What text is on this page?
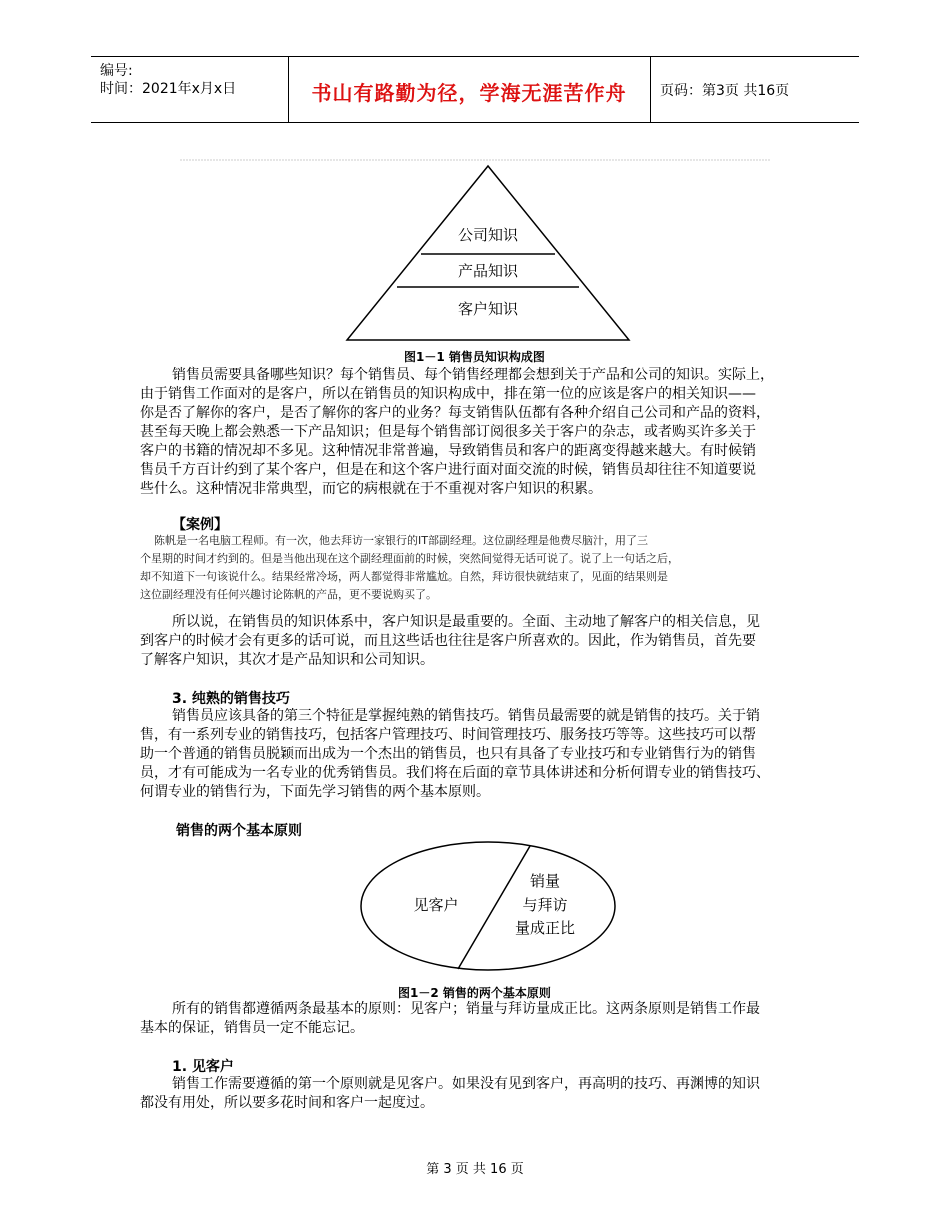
编号:
时间：2021年x月x日	书山有路勤为径，学海无涯苦作舟	页码：第3页 共16页
公司知识
产品知识
客户知识
图1－1 销售员知识构成图
销售员需要具备哪些知识？每个销售员、每个销售经理都会想到关于产品和公司的知识。实际上，
由于销售工作面对的是客户，所以在销售员的知识构成中，排在第一位的应该是客户的相关知识——
你是否了解你的客户，是否了解你的客户的业务？每支销售队伍都有各种介绍自己公司和产品的资料，
甚至每天晚上都会熟悉一下产品知识；但是每个销售部订阅很多关于客户的杂志，或者购买许多关于
客户的书籍的情况却不多见。这种情况非常普遍，导致销售员和客户的距离变得越来越大。有时候销
售员千方百计约到了某个客户，但是在和这个客户进行面对面交流的时候，销售员却往往不知道要说
些什么。这种情况非常典型，而它的病根就在于不重视对客户知识的积累。
【案例】
陈帆是一名电脑工程师。有一次，他去拜访一家银行的IT部副经理。这位副经理是他费尽脑汁，用了三
个星期的时间才约到的。但是当他出现在这个副经理面前的时候，突然间觉得无话可说了。说了上一句话之后，
却不知道下一句该说什么。结果经常冷场，两人都觉得非常尴尬。自然，拜访很快就结束了，见面的结果则是
这位副经理没有任何兴趣讨论陈帆的产品，更不要说购买了。
所以说，在销售员的知识体系中，客户知识是最重要的。全面、主动地了解客户的相关信息，见
到客户的时候才会有更多的话可说，而且这些话也往往是客户所喜欢的。因此，作为销售员，首先要
了解客户知识，其次才是产品知识和公司知识。
3. 纯熟的销售技巧
销售员应该具备的第三个特征是掌握纯熟的销售技巧。销售员最需要的就是销售的技巧。关于销
售，有一系列专业的销售技巧，包括客户管理技巧、时间管理技巧、服务技巧等等。这些技巧可以帮
助一个普通的销售员脱颖而出成为一个杰出的销售员，也只有具备了专业技巧和专业销售行为的销售
员，才有可能成为一名专业的优秀销售员。我们将在后面的章节具体讲述和分析何谓专业的销售技巧、
何谓专业的销售行为，下面先学习销售的两个基本原则。
销售的两个基本原则
见客户
销量
与拜访
量成正比
图1－2 销售的两个基本原则
所有的销售都遵循两条最基本的原则：见客户；销量与拜访量成正比。这两条原则是销售工作最
基本的保证，销售员一定不能忘记。
1. 见客户
销售工作需要遵循的第一个原则就是见客户。如果没有见到客户，再高明的技巧、再渊博的知识
都没有用处，所以要多花时间和客户一起度过。
第 3 页 共 16 页
